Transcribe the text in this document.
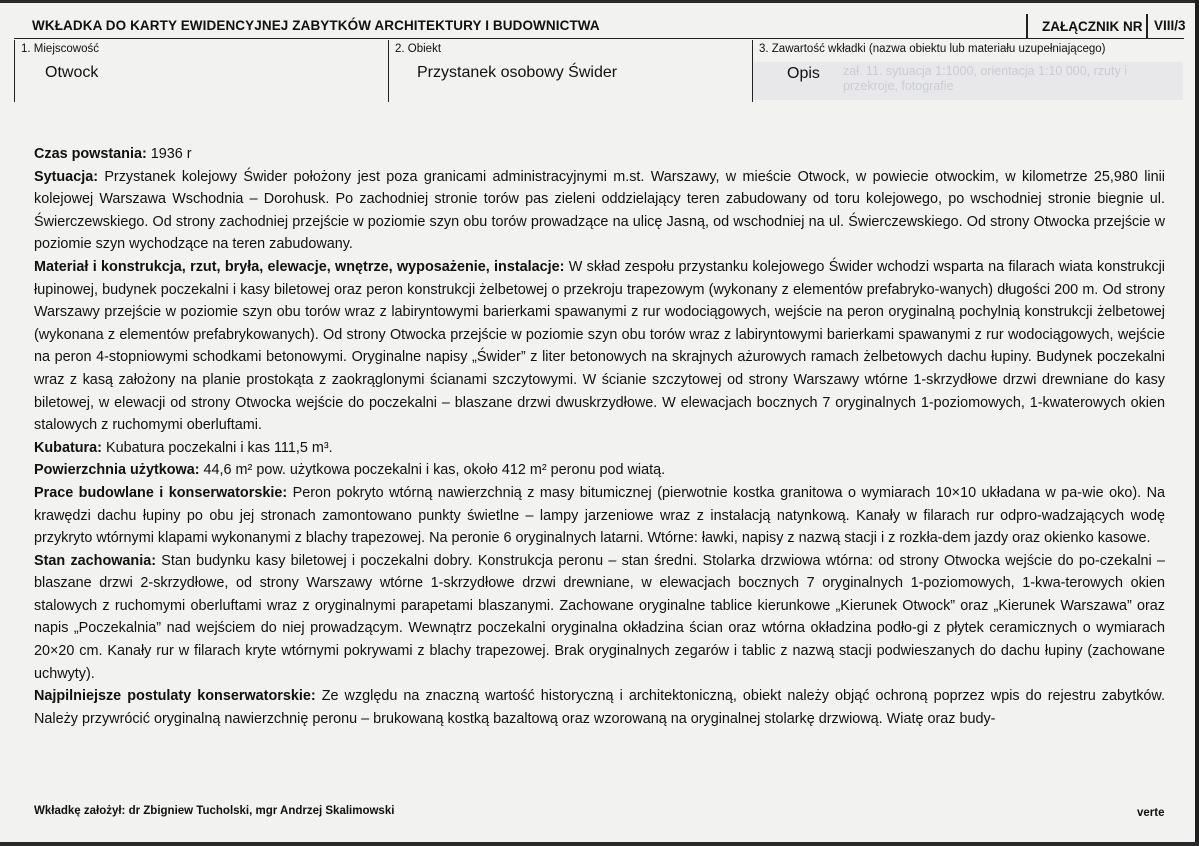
WKŁADKA DO KARTY EWIDENCYJNEJ ZABYTKÓW ARCHITEKTURY I BUDOWNICTWA	ZAŁĄCZNIK NR VIII/3
1. Miejscowość
Otwock
2. Obiekt
Przystanek osobowy Świder
3. Zawartość wkładki (nazwa obiektu lub materiału uzupełniającego)
zał. 11. sytuacja 1:1000, orientacja 1:10 000, rzuty i przekroje, fotografie
Opis

Czas powstania: 1936 r

Sytuacja: Przystanek kolejowy Świder położony jest poza granicami administracyjnymi m.st. Warszawy, w mieście Otwock, w powiecie otwockim, w kilometrze 25,980 linii kolejowej Warszawa Wschodnia – Dorohusk. Po zachodniej stronie torów pas zieleni oddzielający teren zabudowany od toru kolejowego, po wschodniej stronie biegnie ul. Świerczewskiego. Od strony zachodniej przejście w poziomie szyn obu torów prowadzące na ulicę Jasną, od wschodniej na ul. Świerczewskiego. Od strony Otwocka przejście w poziomie szyn wychodzące na teren zabudowany.

Materiał i konstrukcja, rzut, bryła, elewacje, wnętrze, wyposażenie, instalacje: W skład zespołu przystanku kolejowego Świder wchodzi wsparta na filarach wiata konstrukcji łupinowej, budynek poczekalni i kasy biletowej oraz peron konstrukcji żelbetowej o przekroju trapezowym (wykonany z elementów prefabryko-wanych) długości 200 m. Od strony Warszawy przejście w poziomie szyn obu torów wraz z labiryntowymi barierkami spawanymi z rur wodociągowych, wejście na peron oryginalną pochylnią konstrukcji żelbetowej (wykonana z elementów prefabrykowanych). Od strony Otwocka przejście w poziomie szyn obu torów wraz z labiryntowymi barierkami spawanymi z rur wodociągowych, wejście na peron 4-stopniowymi schodkami betonowymi. Oryginalne napisy „Świder” z liter betonowych na skrajnych ażurowych ramach żelbetowych dachu łupiny. Budynek poczekalni wraz z kasą założony na planie prostokąta z zaokrąglonymi ścianami szczytowymi. W ścianie szczytowej od strony Warszawy wtórne 1-skrzydłowe drzwi drewniane do kasy biletowej, w elewacji od strony Otwocka wejście do poczekalni – blaszane drzwi dwuskrzydłowe. W elewacjach bocznych 7 oryginalnych 1-poziomowych, 1-kwaterowych okien stalowych z ruchomymi oberluftami.

Kubatura: Kubatura poczekalni i kas 111,5 m³.

Powierzchnia użytkowa: 44,6 m² pow. użytkowa poczekalni i kas, około 412 m² peronu pod wiatą.

Prace budowlane i konserwatorskie: Peron pokryto wtórną nawierzchnią z masy bitumicznej (pierwotnie kostka granitowa o wymiarach 10×10 układana w pa-wie oko). Na krawędzi dachu łupiny po obu jej stronach zamontowano punkty świetlne – lampy jarzeniowe wraz z instalacją natynkową. Kanały w filarach rur odpro-wadzających wodę przykryto wtórnymi klapami wykonanymi z blachy trapezowej. Na peronie 6 oryginalnych latarni. Wtórne: ławki, napisy z nazwą stacji i z rozkła-dem jazdy oraz okienko kasowe.

Stan zachowania: Stan budynku kasy biletowej i poczekalni dobry. Konstrukcja peronu – stan średni. Stolarka drzwiowa wtórna: od strony Otwocka wejście do po-czekalni – blaszane drzwi 2-skrzydłowe, od strony Warszawy wtórne 1-skrzydłowe drzwi drewniane, w elewacjach bocznych 7 oryginalnych 1-poziomowych, 1-kwa-terowych okien stalowych z ruchomymi oberluftami wraz z oryginalnymi parapetami blaszanymi. Zachowane oryginalne tablice kierunkowe „Kierunek Otwock” oraz „Kierunek Warszawa” oraz napis „Poczekalnia” nad wejściem do niej prowadzącym. Wewnątrz poczekalni oryginalna okładzina ścian oraz wtórna okładzina podło-gi z płytek ceramicznych o wymiarach 20×20 cm. Kanały rur w filarach kryte wtórnymi pokrywami z blachy trapezowej. Brak oryginalnych zegarów i tablic z nazwą stacji podwieszanych do dachu łupiny (zachowane uchwyty).

Najpilniejsze postulaty konserwatorskie: Ze względu na znaczną wartość historyczną i architektoniczną, obiekt należy objąć ochroną poprzez wpis do rejestru zabytków. Należy przywrócić oryginalną nawierzchnię peronu – brukowaną kostką bazaltową oraz wzorowaną na oryginalnej stolarkę drzwiową. Wiatę oraz budy-

Wkładkę założył: dr Zbigniew Tucholski, mgr Andrzej Skalimowski	verte
